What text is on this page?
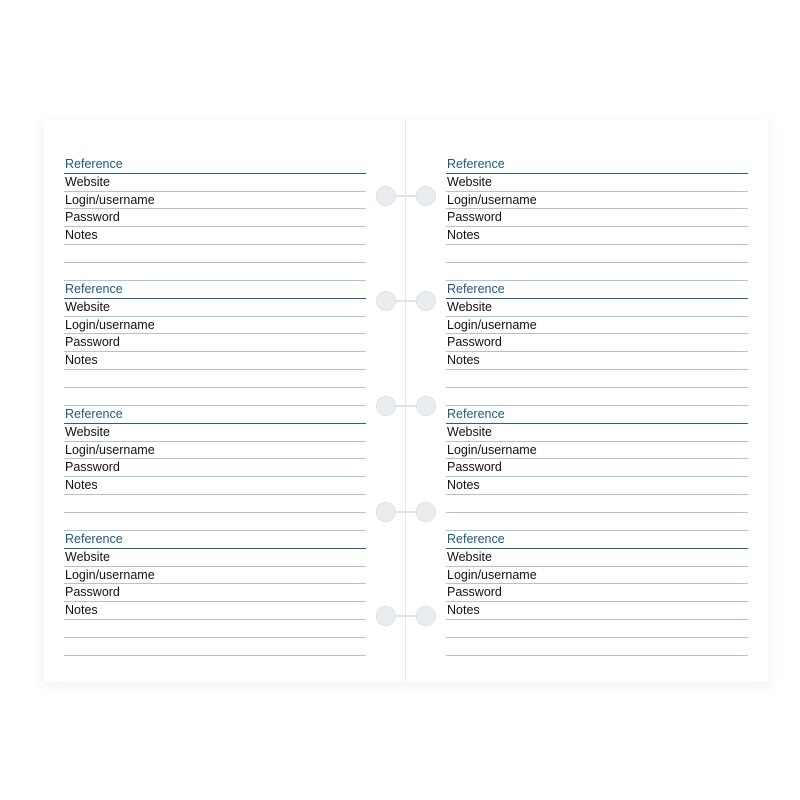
Reference
Website
Login/username
Password
Notes
Reference
Website
Login/username
Password
Notes
Reference
Website
Login/username
Password
Notes
Reference
Website
Login/username
Password
Notes
Reference
Website
Login/username
Password
Notes
Reference
Website
Login/username
Password
Notes
Reference
Website
Login/username
Password
Notes
Reference
Website
Login/username
Password
Notes
